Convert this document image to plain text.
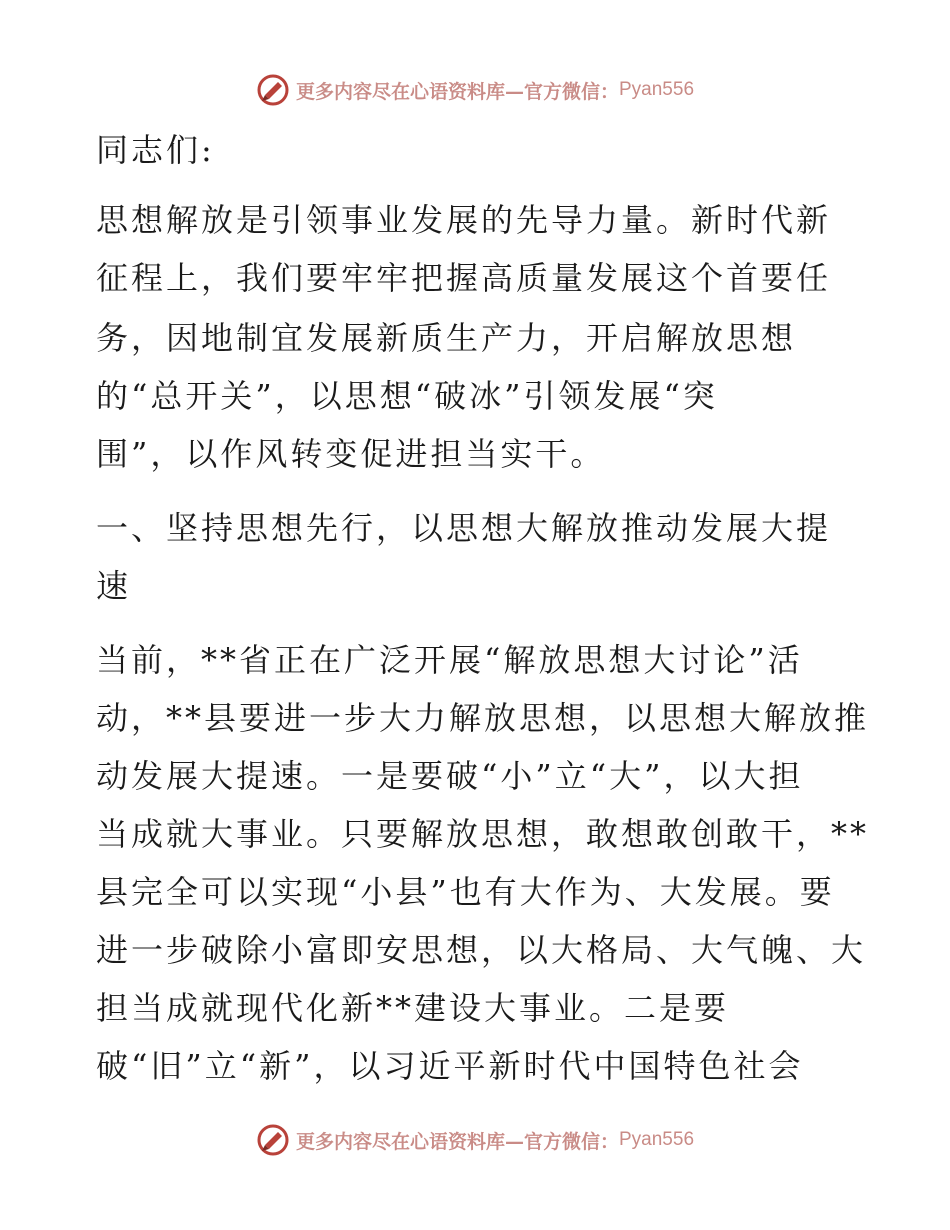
更多内容尽在心语资料库—官方微信： Pyan556
同志们:
思想解放是引领事业发展的先导力量。新时代新
征程上，我们要牢牢把握高质量发展这个首要任
务，因地制宜发展新质生产力，开启解放思想
的“总开关”，以思想“破冰”引领发展“突
围”，以作风转变促进担当实干。
一、坚持思想先行，以思想大解放推动发展大提
速
当前，**省正在广泛开展“解放思想大讨论”活
动，**县要进一步大力解放思想，以思想大解放推
动发展大提速。一是要破“小”立“大”，以大担
当成就大事业。只要解放思想，敢想敢创敢干，**
县完全可以实现“小县”也有大作为、大发展。要
进一步破除小富即安思想，以大格局、大气魄、大
担当成就现代化新**建设大事业。二是要
破“旧”立“新”，以习近平新时代中国特色社会
更多内容尽在心语资料库—官方微信： Pyan556
